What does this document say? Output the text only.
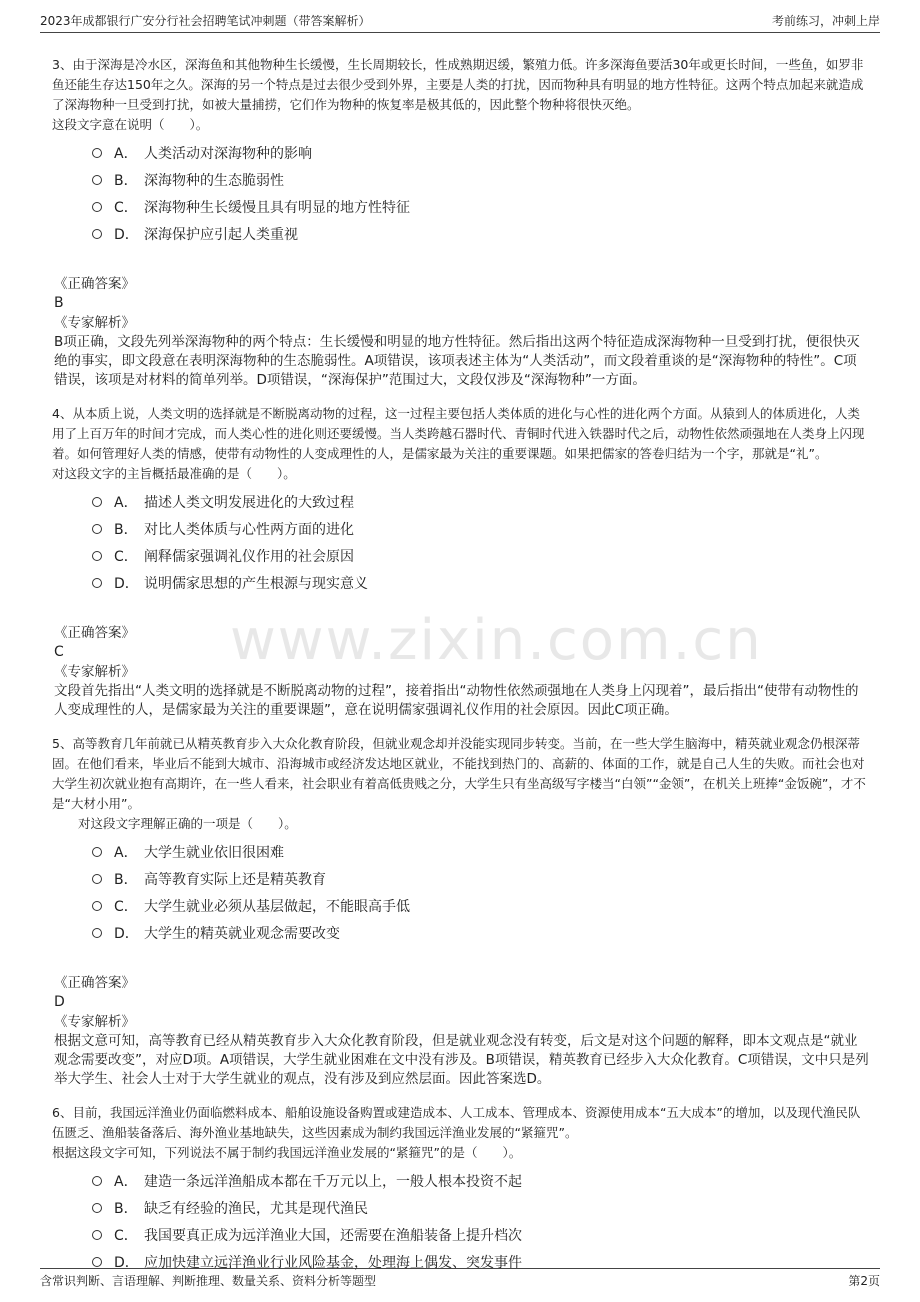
2023年成都银行广安分行社会招聘笔试冲刺题（带答案解析）	考前练习，冲刺上岸
www.zixin.com.cn

3、由于深海是冷水区，深海鱼和其他物种生长缓慢，生长周期较长，性成熟期迟缓，繁殖力低。许多深海鱼要活30年或更长时间，一些鱼，如罗非鱼还能生存达150年之久。深海的另一个特点是过去很少受到外界，主要是人类的打扰，因而物种具有明显的地方性特征。这两个特点加起来就造成了深海物种一旦受到打扰，如被大量捕捞，它们作为物种的恢复率是极其低的，因此整个物种将很快灭绝。

这段文字意在说明（　　）。

A． 人类活动对深海物种的影响
B． 深海物种的生态脆弱性
C． 深海物种生长缓慢且具有明显的地方性特征
D． 深海保护应引起人类重视

《正确答案》

B

《专家解析》

B项正确，文段先列举深海物种的两个特点：生长缓慢和明显的地方性特征。然后指出这两个特征造成深海物种一旦受到打扰，便很快灭绝的事实，即文段意在表明深海物种的生态脆弱性。A项错误，该项表述主体为“人类活动”，而文段着重谈的是“深海物种的特性”。C项错误，该项是对材料的简单列举。D项错误，“深海保护”范围过大，文段仅涉及“深海物种”一方面。

4、从本质上说，人类文明的选择就是不断脱离动物的过程，这一过程主要包括人类体质的进化与心性的进化两个方面。从猿到人的体质进化，人类用了上百万年的时间才完成，而人类心性的进化则还要缓慢。当人类跨越石器时代、青铜时代进入铁器时代之后，动物性依然顽强地在人类身上闪现着。如何管理好人类的情感，使带有动物性的人变成理性的人，是儒家最为关注的重要课题。如果把儒家的答卷归结为一个字，那就是“礼”。

对这段文字的主旨概括最准确的是（　　）。

A． 描述人类文明发展进化的大致过程
B． 对比人类体质与心性两方面的进化
C． 阐释儒家强调礼仪作用的社会原因
D． 说明儒家思想的产生根源与现实意义

《正确答案》

C

《专家解析》

文段首先指出“人类文明的选择就是不断脱离动物的过程”，接着指出“动物性依然顽强地在人类身上闪现着”，最后指出“使带有动物性的人变成理性的人，是儒家最为关注的重要课题”，意在说明儒家强调礼仪作用的社会原因。因此C项正确。

5、高等教育几年前就已从精英教育步入大众化教育阶段，但就业观念却并没能实现同步转变。当前，在一些大学生脑海中，精英就业观念仍根深蒂固。在他们看来，毕业后不能到大城市、沿海城市或经济发达地区就业，不能找到热门的、高薪的、体面的工作，就是自己人生的失败。而社会也对大学生初次就业抱有高期许，在一些人看来，社会职业有着高低贵贱之分，大学生只有坐高级写字楼当“白领”“金领”，在机关上班捧“金饭碗”，才不是“大材小用”。

对这段文字理解正确的一项是（　　）。

A． 大学生就业依旧很困难
B． 高等教育实际上还是精英教育
C． 大学生就业必须从基层做起，不能眼高手低
D． 大学生的精英就业观念需要改变

《正确答案》

D

《专家解析》

根据文意可知，高等教育已经从精英教育步入大众化教育阶段，但是就业观念没有转变，后文是对这个问题的解释，即本文观点是“就业观念需要改变”，对应D项。A项错误，大学生就业困难在文中没有涉及。B项错误，精英教育已经步入大众化教育。C项错误，文中只是列举大学生、社会人士对于大学生就业的观点，没有涉及到应然层面。因此答案选D。

6、目前，我国远洋渔业仍面临燃料成本、船舶设施设备购置或建造成本、人工成本、管理成本、资源使用成本“五大成本”的增加，以及现代渔民队伍匮乏、渔船装备落后、海外渔业基地缺失，这些因素成为制约我国远洋渔业发展的“紧箍咒”。

根据这段文字可知，下列说法不属于制约我国远洋渔业发展的“紧箍咒”的是（　　）。

A． 建造一条远洋渔船成本都在千万元以上，一般人根本投资不起
B． 缺乏有经验的渔民，尤其是现代渔民
C． 我国要真正成为远洋渔业大国，还需要在渔船装备上提升档次
D． 应加快建立远洋渔业行业风险基金，处理海上偶发、突发事件
含常识判断、言语理解、判断推理、数量关系、资料分析等题型	第2页
